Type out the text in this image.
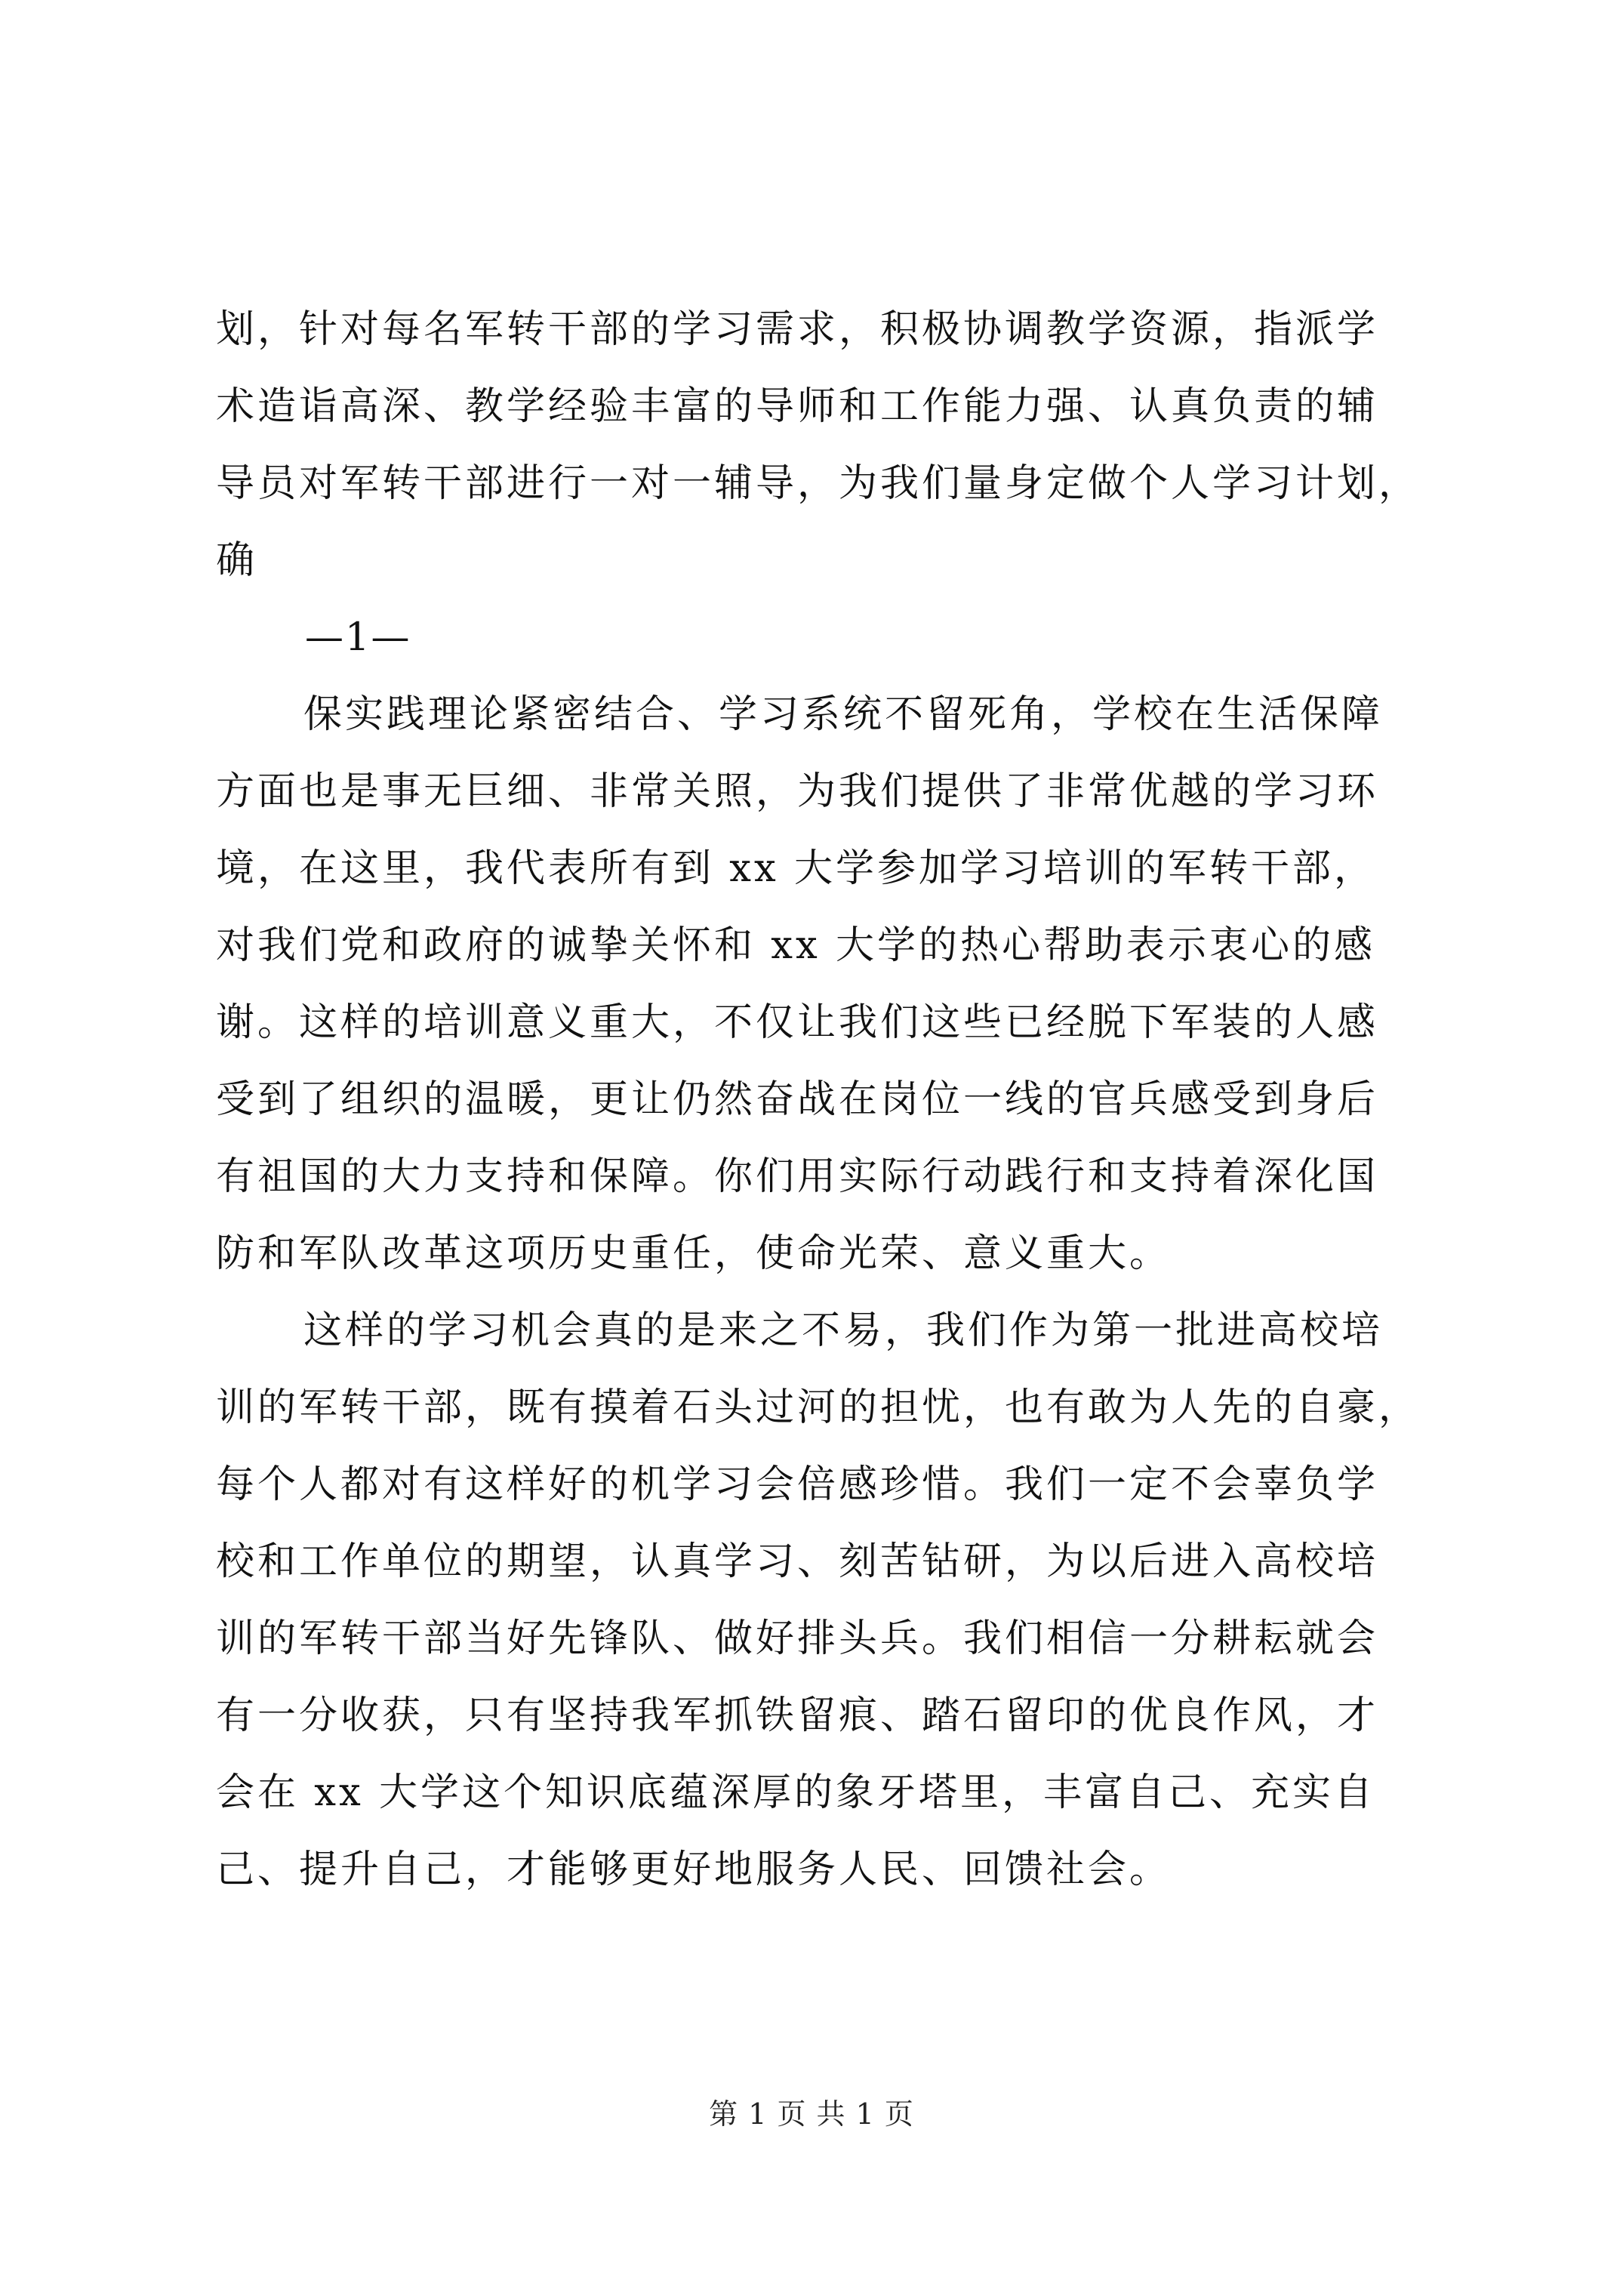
划，针对每名军转干部的学习需求，积极协调教学资源，指派学
术造诣高深、教学经验丰富的导师和工作能力强、认真负责的辅
导员对军转干部进行一对一辅导，为我们量身定做个人学习计划，
确
—1—
保实践理论紧密结合、学习系统不留死角，学校在生活保障
方面也是事无巨细、非常关照，为我们提供了非常优越的学习环
境，在这里，我代表所有到 xx 大学参加学习培训的军转干部，
对我们党和政府的诚挚关怀和 xx 大学的热心帮助表示衷心的感
谢。这样的培训意义重大，不仅让我们这些已经脱下军装的人感
受到了组织的温暖，更让仍然奋战在岗位一线的官兵感受到身后
有祖国的大力支持和保障。你们用实际行动践行和支持着深化国
防和军队改革这项历史重任，使命光荣、意义重大。
这样的学习机会真的是来之不易，我们作为第一批进高校培
训的军转干部，既有摸着石头过河的担忧，也有敢为人先的自豪，
每个人都对有这样好的机学习会倍感珍惜。我们一定不会辜负学
校和工作单位的期望，认真学习、刻苦钻研，为以后进入高校培
训的军转干部当好先锋队、做好排头兵。我们相信一分耕耘就会
有一分收获，只有坚持我军抓铁留痕、踏石留印的优良作风，才
会在 xx 大学这个知识底蕴深厚的象牙塔里，丰富自己、充实自
己、提升自己，才能够更好地服务人民、回馈社会。
第 1 页 共 1 页
